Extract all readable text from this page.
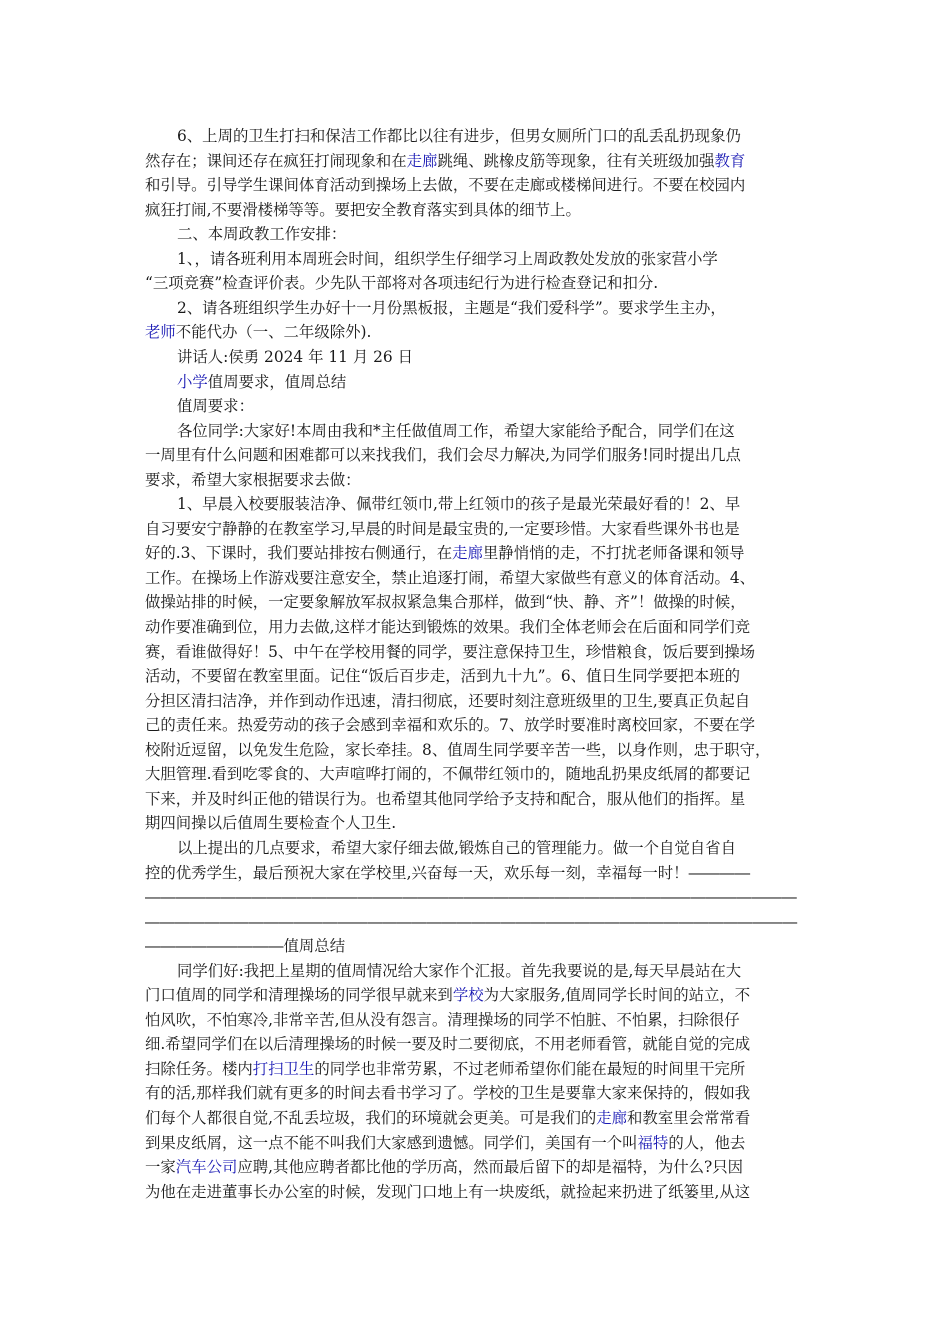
6、上周的卫生打扫和保洁工作都比以往有进步，但男女厕所门口的乱丢乱扔现象仍
然存在；课间还存在疯狂打闹现象和在走廊跳绳、跳橡皮筋等现象，往有关班级加强教育
和引导。引导学生课间体育活动到操场上去做，不要在走廊或楼梯间进行。不要在校园内
疯狂打闹,不要滑楼梯等等。要把安全教育落实到具体的细节上。
二、本周政教工作安排：
1、，请各班利用本周班会时间，组织学生仔细学习上周政教处发放的张家营小学
“三项竞赛”检查评价表。少先队干部将对各项违纪行为进行检查登记和扣分.
2、请各班组织学生办好十一月份黑板报，主题是“我们爱科学”。要求学生主办，
老师不能代办（一、二年级除外).
讲话人:侯勇 2024 年 11 月 26 日
小学值周要求，值周总结
值周要求：
各位同学:大家好!本周由我和*主任做值周工作，希望大家能给予配合，同学们在这
一周里有什么问题和困难都可以来找我们，我们会尽力解决,为同学们服务!同时提出几点
要求，希望大家根据要求去做：
1、早晨入校要服装洁净、佩带红领巾,带上红领巾的孩子是最光荣最好看的！2、早
自习要安宁静静的在教室学习,早晨的时间是最宝贵的,一定要珍惜。大家看些课外书也是
好的.3、下课时，我们要站排按右侧通行，在走廊里静悄悄的走，不打扰老师备课和领导
工作。在操场上作游戏要注意安全，禁止追逐打闹，希望大家做些有意义的体育活动。4、
做操站排的时候，一定要象解放军叔叔紧急集合那样，做到“快、静、齐”！做操的时候，
动作要准确到位，用力去做,这样才能达到锻炼的效果。我们全体老师会在后面和同学们竞
赛，看谁做得好！5、中午在学校用餐的同学，要注意保持卫生，珍惜粮食，饭后要到操场
活动，不要留在教室里面。记住“饭后百步走，活到九十九”。6、值日生同学要把本班的
分担区清扫洁净，并作到动作迅速，清扫彻底，还要时刻注意班级里的卫生,要真正负起自
己的责任来。热爱劳动的孩子会感到幸福和欢乐的。7、放学时要准时离校回家，不要在学
校附近逗留，以免发生危险，家长牵挂。8、值周生同学要辛苦一些，以身作则，忠于职守，
大胆管理.看到吃零食的、大声喧哗打闹的，不佩带红领巾的，随地乱扔果皮纸屑的都要记
下来，并及时纠正他的错误行为。也希望其他同学给予支持和配合，服从他们的指挥。星
期四间操以后值周生要检查个人卫生.
以上提出的几点要求，希望大家仔细去做,锻炼自己的管理能力。做一个自觉自省自
控的优秀学生，最后预祝大家在学校里,兴奋每一天，欢乐每一刻，幸福每一时！――――
―――――――――――――――――――――――――――――――――――――――――――
――――――――――――――――――――――――――――――――――――――――――――
―――――――――值周总结
同学们好:我把上星期的值周情况给大家作个汇报。首先我要说的是,每天早晨站在大
门口值周的同学和清理操场的同学很早就来到学校为大家服务,值周同学长时间的站立，不
怕风吹，不怕寒冷,非常辛苦,但从没有怨言。清理操场的同学不怕脏、不怕累，扫除很仔
细.希望同学们在以后清理操场的时候一要及时二要彻底，不用老师看管，就能自觉的完成
扫除任务。楼内打扫卫生的同学也非常劳累，不过老师希望你们能在最短的时间里干完所
有的活,那样我们就有更多的时间去看书学习了。学校的卫生是要靠大家来保持的，假如我
们每个人都很自觉,不乱丢垃圾，我们的环境就会更美。可是我们的走廊和教室里会常常看
到果皮纸屑，这一点不能不叫我们大家感到遗憾。同学们，美国有一个叫福特的人，他去
一家汽车公司应聘,其他应聘者都比他的学历高，然而最后留下的却是福特，为什么?只因
为他在走进董事长办公室的时候，发现门口地上有一块废纸，就捡起来扔进了纸篓里,从这
